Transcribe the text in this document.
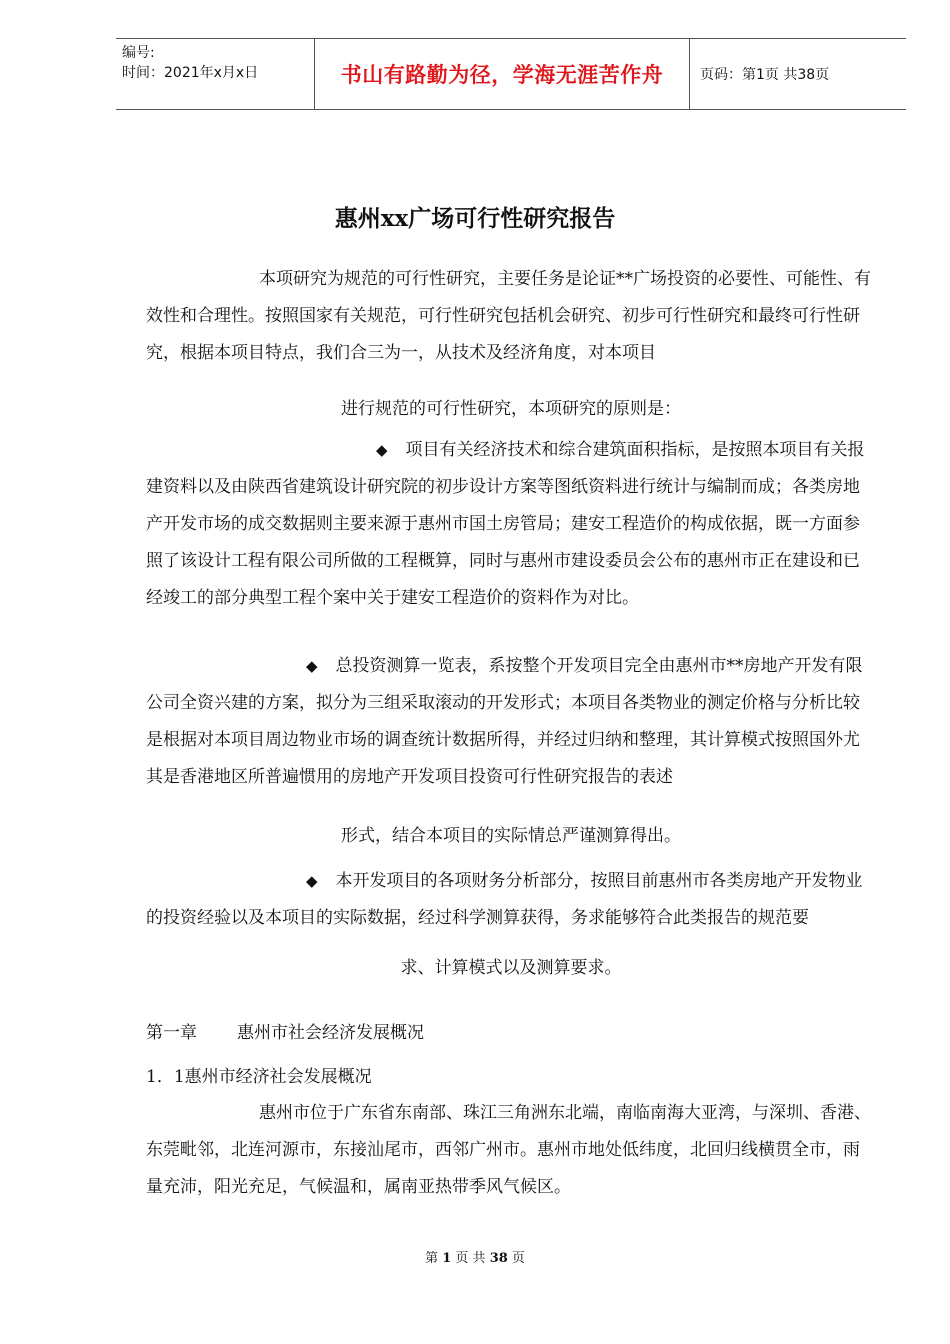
编号:
时间：2021年x月x日	书山有路勤为径，学海无涯苦作舟	页码：第1页 共38页
惠州xx广场可行性研究报告
本项研究为规范的可行性研究，主要任务是论证**广场投资的必要性、可能性、有效性和合理性。按照国家有关规范，可行性研究包括机会研究、初步可行性研究和最终可行性研究，根据本项目特点，我们合三为一，从技术及经济角度，对本项目
进行规范的可行性研究，本项研究的原则是：
◆ 项目有关经济技术和综合建筑面积指标，是按照本项目有关报建资料以及由陕西省建筑设计研究院的初步设计方案等图纸资料进行统计与编制而成；各类房地产开发市场的成交数据则主要来源于惠州市国土房管局；建安工程造价的构成依据，既一方面参照了该设计工程有限公司所做的工程概算，同时与惠州市建设委员会公布的惠州市正在建设和已经竣工的部分典型工程个案中关于建安工程造价的资料作为对比。
◆ 总投资测算一览表，系按整个开发项目完全由惠州市**房地产开发有限公司全资兴建的方案，拟分为三组采取滚动的开发形式；本项目各类物业的测定价格与分析比较是根据对本项目周边物业市场的调查统计数据所得，并经过归纳和整理，其计算模式按照国外尤其是香港地区所普遍惯用的房地产开发项目投资可行性研究报告的表述
形式，结合本项目的实际情总严谨测算得出。
◆ 本开发项目的各项财务分析部分，按照目前惠州市各类房地产开发物业的投资经验以及本项目的实际数据，经过科学测算获得，务求能够符合此类报告的规范要
求、计算模式以及测算要求。
第一章 惠州市社会经济发展概况
1．1惠州市经济社会发展概况
惠州市位于广东省东南部、珠江三角洲东北端，南临南海大亚湾，与深圳、香港、东莞毗邻，北连河源市，东接汕尾市，西邻广州市。惠州市地处低纬度，北回归线横贯全市，雨量充沛，阳光充足，气候温和，属南亚热带季风气候区。
第 1 页 共 38 页
